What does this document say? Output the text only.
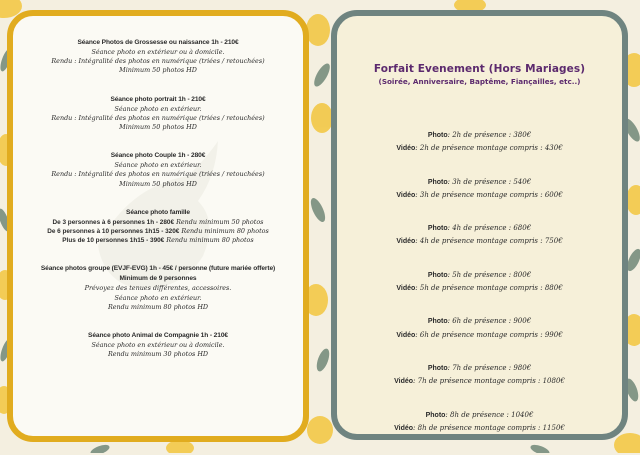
Séance Photos de Grossesse ou naissance 1h - 210€
Séance photo en extérieur ou à domicile.
Rendu : Intégralité des photos en numérique (triées / retouchées)
Minimum 50 photos HD
Séance photo portrait 1h - 210€
Séance photo en extérieur.
Rendu : Intégralité des photos en numérique (triées / retouchées)
Minimum 50 photos HD
Séance photo Couple 1h - 280€
Séance photo en extérieur.
Rendu : Intégralité des photos en numérique (triées / retouchées)
Minimum 50 photos HD
Séance photo famille
De 3 personnes à 6 personnes 1h - 280€ Rendu minimum 50 photos
De 6 personnes à 10 personnes 1h15 - 320€ Rendu minimum 80 photos
Plus de 10 personnes 1h15 - 390€ Rendu minimum 80 photos
Séance photos groupe (EVJF-EVG) 1h - 45€ / personne (future mariée offerte)
Minimum de 9 personnes
Prévoyez des tenues différentes, accessoires.
Séance photo en extérieur.
Rendu minimum 80 photos HD
Séance photo Animal de Compagnie 1h - 210€
Séance photo en extérieur ou à domicile.
Rendu minimum 30 photos HD
Forfait Evenement (Hors Mariages)
(Soirée, Anniversaire, Baptême, Fiançailles, etc..)
Photo: 2h de présence : 380€
Vidéo: 2h de présence montage compris : 430€
Photo: 3h de présence : 540€
Vidéo: 3h de présence montage compris : 600€
Photo: 4h de présence : 680€
Vidéo: 4h de présence montage compris : 750€
Photo: 5h de présence : 800€
Vidéo: 5h de présence montage compris : 880€
Photo: 6h de présence : 900€
Vidéo: 6h de présence montage compris : 990€
Photo: 7h de présence : 980€
Vidéo: 7h de présence montage compris : 1080€
Photo: 8h de présence : 1040€
Vidéo: 8h de présence montage compris : 1150€
